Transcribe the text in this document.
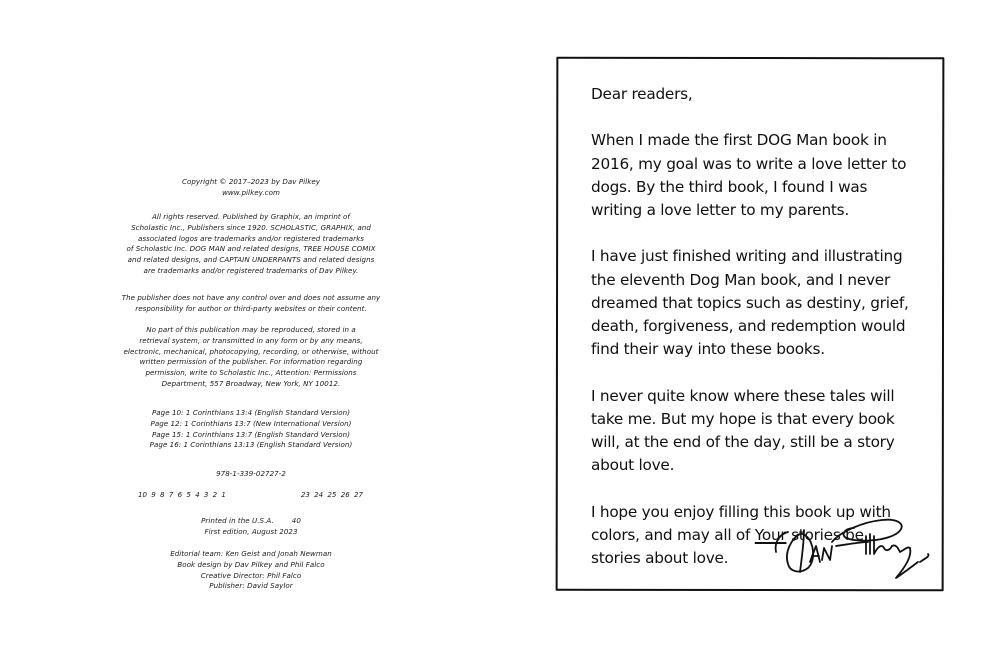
Copyright © 2017–2023 by Dav Pilkey
www.pilkey.com
All rights reserved. Published by Graphix, an imprint of
Scholastic Inc., Publishers since 1920. SCHOLASTIC, GRAPHIX, and
associated logos are trademarks and/or registered trademarks
of Scholastic Inc. DOG MAN and related designs, TREE HOUSE COMIX
and related designs, and CAPTAIN UNDERPANTS and related designs
are trademarks and/or registered trademarks of Dav Pilkey.
The publisher does not have any control over and does not assume any
responsibility for author or third-party websites or their content.
No part of this publication may be reproduced, stored in a
retrieval system, or transmitted in any form or by any means,
electronic, mechanical, photocopying, recording, or otherwise, without
written permission of the publisher. For information regarding
permission, write to Scholastic Inc., Attention: Permissions
Department, 557 Broadway, New York, NY 10012.
Page 10: 1 Corinthians 13:4 (English Standard Version)
Page 12: 1 Corinthians 13:7 (New International Version)
Page 15: 1 Corinthians 13:7 (English Standard Version)
Page 16: 1 Corinthians 13:13 (English Standard Version)
978-1-339-02727-2
10 9 8 7 6 5 4 3 2 1	23 24 25 26 27
Printed in the U.S.A.	40
First edition, August 2023
Editorial team: Ken Geist and Jonah Newman
Book design by Dav Pilkey and Phil Falco
Creative Director: Phil Falco
Publisher: David Saylor

Dear readers,

When I made the first DOG Man book in
2016, my goal was to write a love letter to
dogs. By the third book, I found I was
writing a love letter to my parents.

I have just finished writing and illustrating
the eleventh Dog Man book, and I never
dreamed that topics such as destiny, grief,
death, forgiveness, and redemption would
find their way into these books.

I never quite know where these tales will
take me. But my hope is that every book
will, at the end of the day, still be a story
about love.

I hope you enjoy filling this book up with
colors, and may all of Your stories be
stories about love.
